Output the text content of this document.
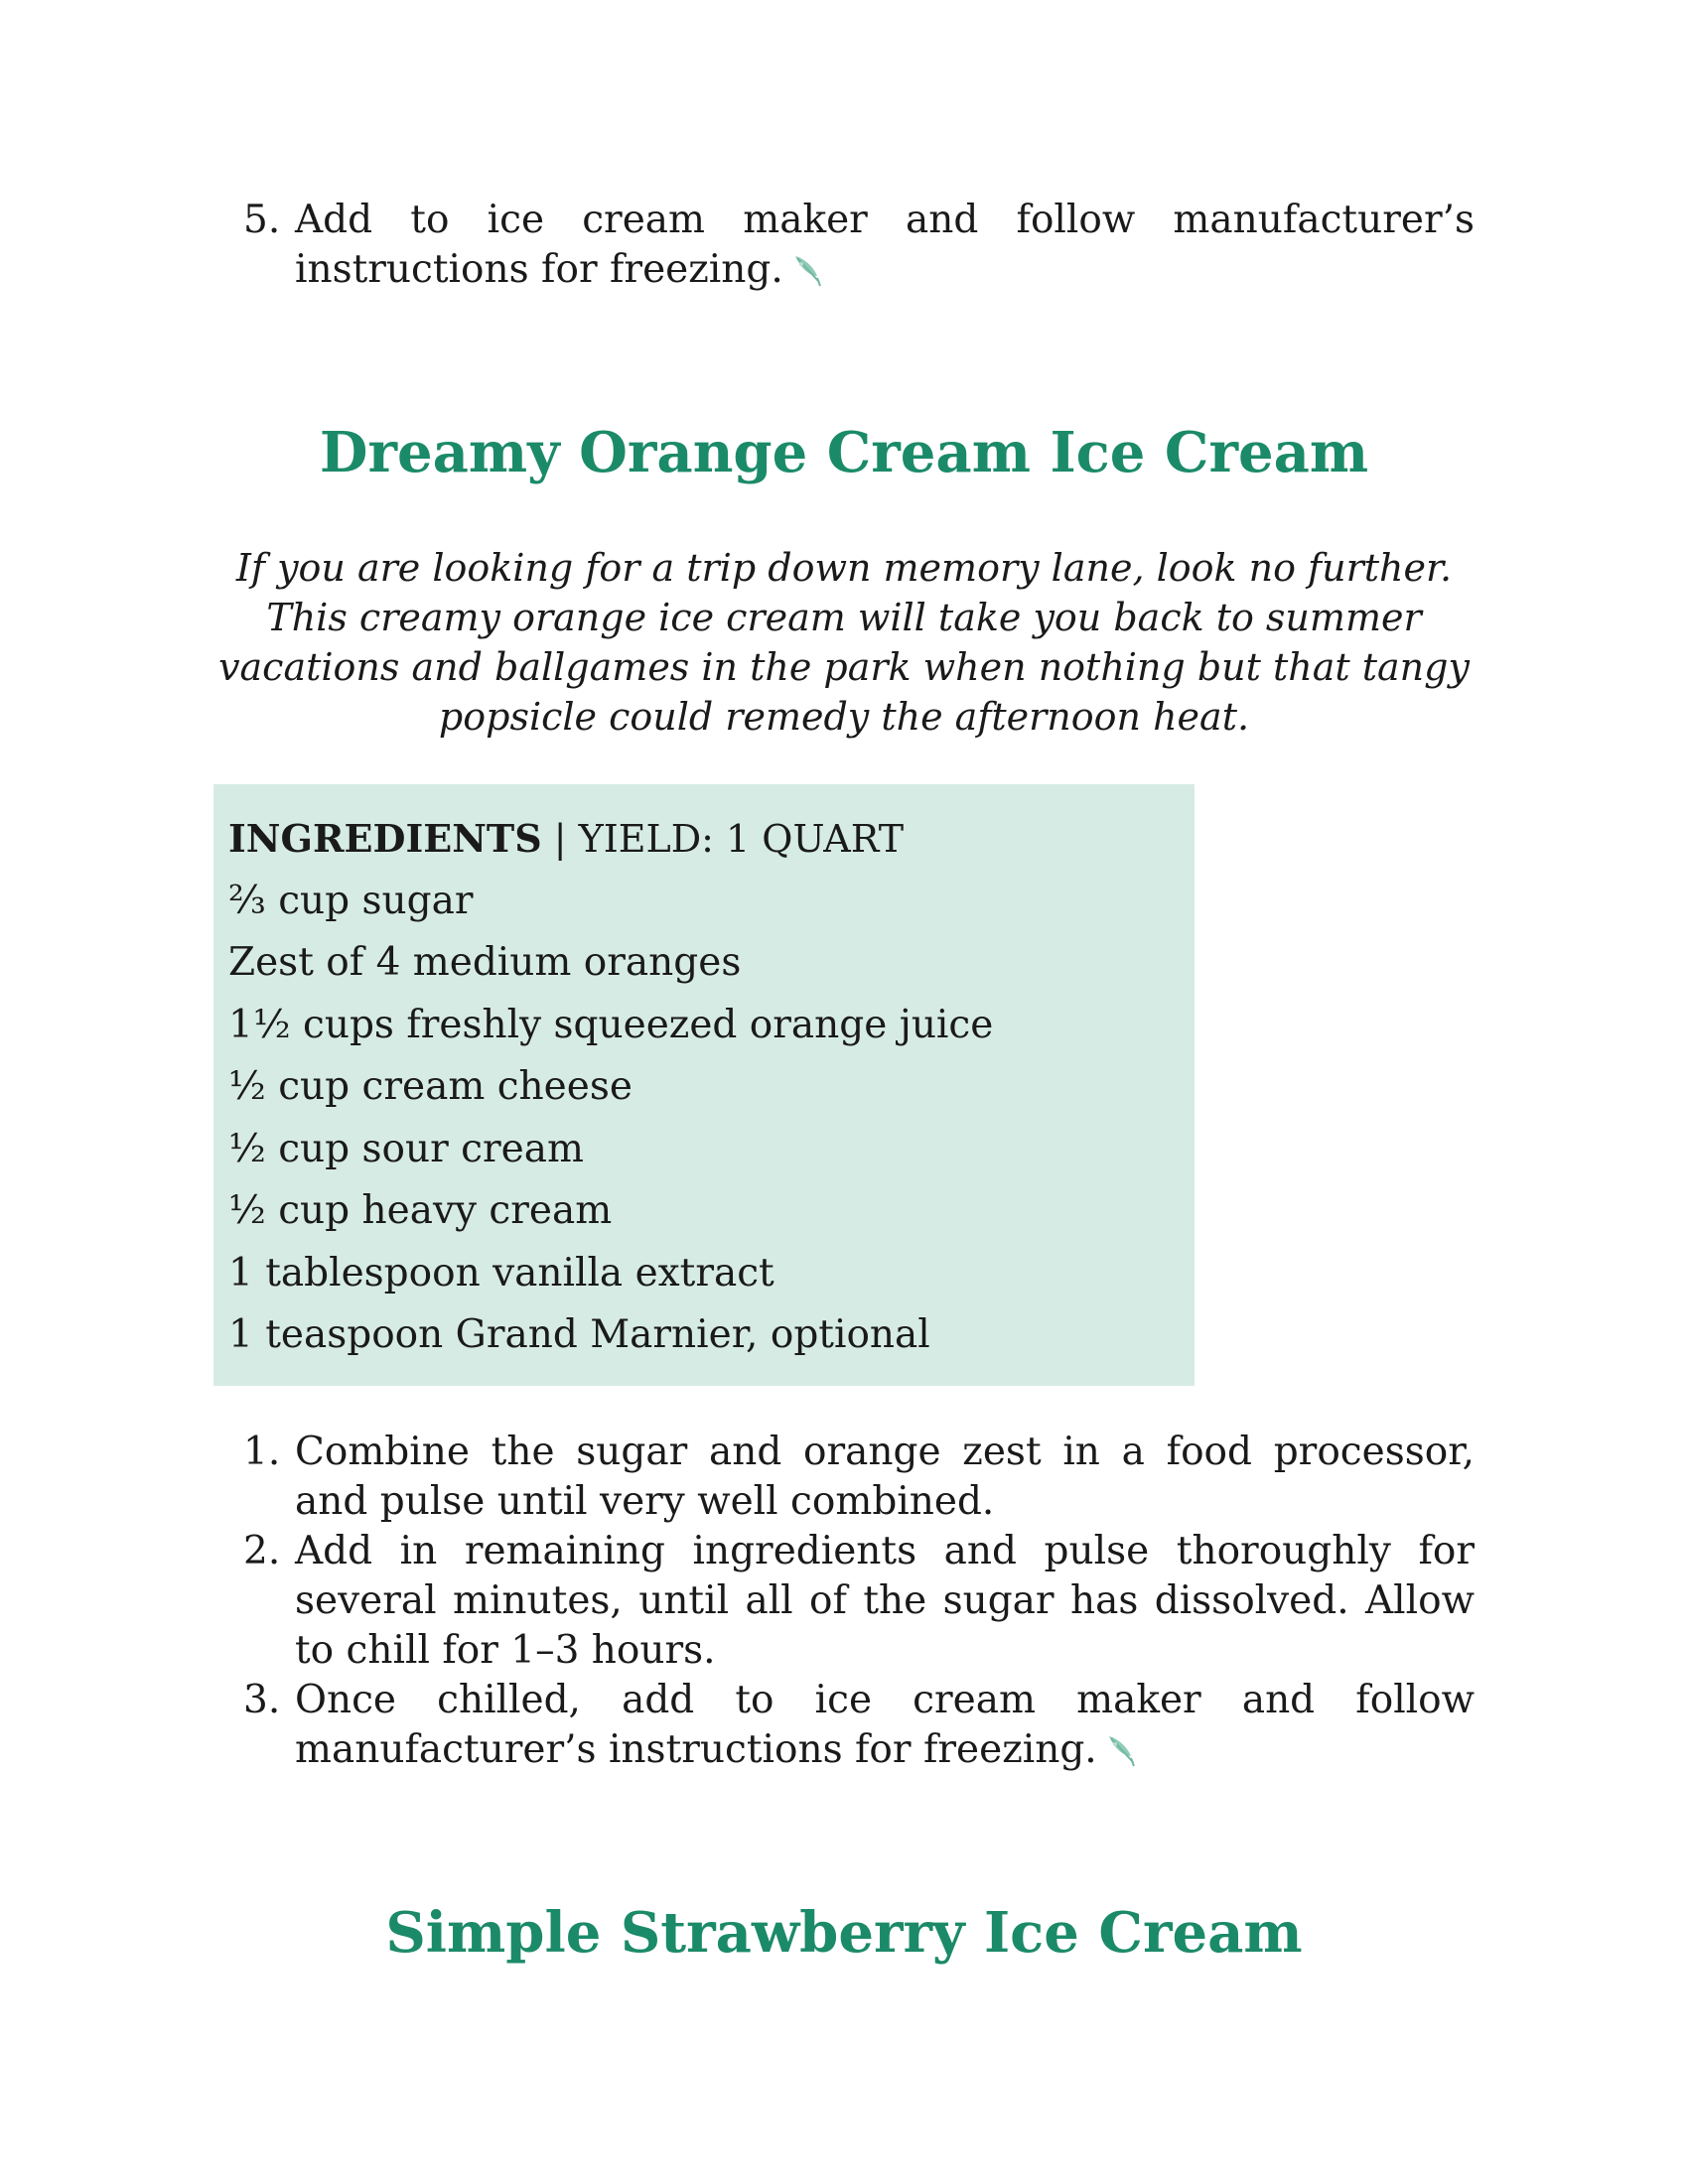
5. Add to ice cream maker and follow manufacturer’s instructions for freezing.
Dreamy Orange Cream Ice Cream

If you are looking for a trip down memory lane, look no further. This creamy orange ice cream will take you back to summer vacations and ballgames in the park when nothing but that tangy popsicle could remedy the afternoon heat.

INGREDIENTS | YIELD: 1 QUART

⅔ cup sugar
Zest of 4 medium oranges
1½ cups freshly squeezed orange juice
½ cup cream cheese
½ cup sour cream
½ cup heavy cream
1 tablespoon vanilla extract
1 teaspoon Grand Marnier, optional
1. Combine the sugar and orange zest in a food processor, and pulse until very well combined.
2. Add in remaining ingredients and pulse thoroughly for several minutes, until all of the sugar has dissolved. Allow to chill for 1–3 hours.
3. Once chilled, add to ice cream maker and follow manufacturer’s instructions for freezing.
Simple Strawberry Ice Cream
